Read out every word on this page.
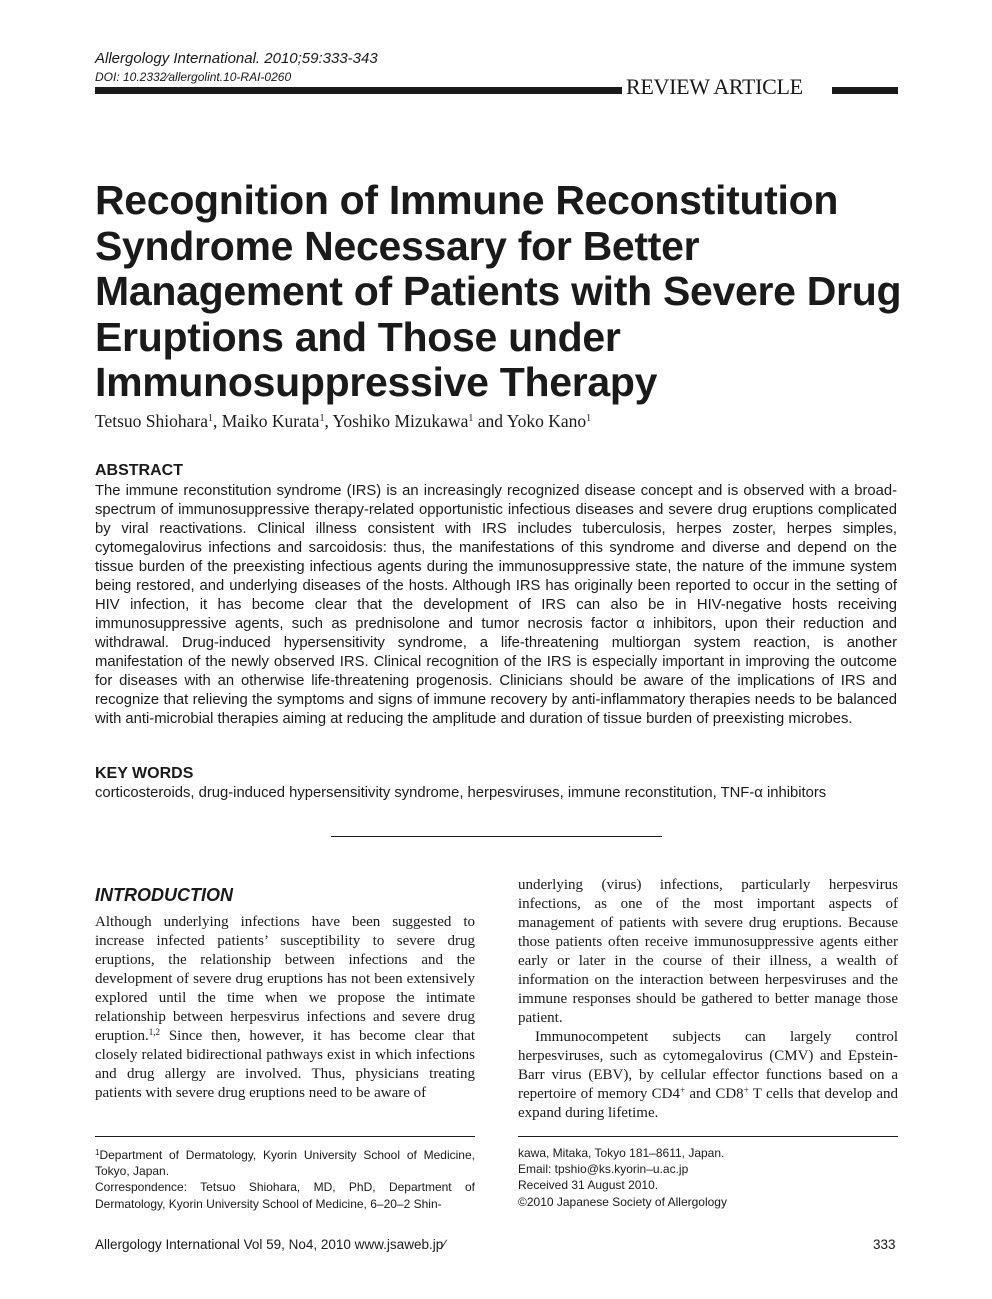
Allergology International. 2010;59:333-343
DOI: 10.2332∕allergolint.10-RAI-0260	REVIEW ARTICLE
Recognition of Immune Reconstitution Syndrome Necessary for Better Management of Patients with Severe Drug Eruptions and Those under Immunosuppressive Therapy
Tetsuo Shiohara$^1$, Maiko Kurata$^1$, Yoshiko Mizukawa$^1$ and Yoko Kano$^1$
ABSTRACT

The immune reconstitution syndrome (IRS) is an increasingly recognized disease concept and is observed with a broad-spectrum of immunosuppressive therapy-related opportunistic infectious diseases and severe drug eruptions complicated by viral reactivations. Clinical illness consistent with IRS includes tuberculosis, herpes zoster, herpes simples, cytomegalovirus infections and sarcoidosis: thus, the manifestations of this syndrome and diverse and depend on the tissue burden of the preexisting infectious agents during the immunosuppressive state, the nature of the immune system being restored, and underlying diseases of the hosts. Although IRS has originally been reported to occur in the setting of HIV infection, it has become clear that the development of IRS can also be in HIV-negative hosts receiving immunosuppressive agents, such as prednisolone and tumor necrosis factor α inhibitors, upon their reduction and withdrawal. Drug-induced hypersensitivity syndrome, a life-threatening multiorgan system reaction, is another manifestation of the newly observed IRS. Clinical recognition of the IRS is especially important in improving the outcome for diseases with an otherwise life-threatening progenosis. Clinicians should be aware of the implications of IRS and recognize that relieving the symptoms and signs of immune recovery by anti-inflammatory therapies needs to be balanced with anti-microbial therapies aiming at reducing the amplitude and duration of tissue burden of preexisting microbes.

KEY WORDS

corticosteroids, drug-induced hypersensitivity syndrome, herpesviruses, immune reconstitution, TNF-α inhibitors

INTRODUCTION

Although underlying infections have been suggested to increase infected patients’ susceptibility to severe drug eruptions, the relationship between infections and the development of severe drug eruptions has not been extensively explored until the time when we propose the intimate relationship between herpesvirus infections and severe drug eruption.$^{1,2}$ Since then, however, it has become clear that closely related bidirectional pathways exist in which infections and drug allergy are involved. Thus, physicians treating patients with severe drug eruptions need to be aware of

underlying (virus) infections, particularly herpesvirus infections, as one of the most important aspects of management of patients with severe drug eruptions. Because those patients often receive immunosuppressive agents either early or later in the course of their illness, a wealth of information on the interaction between herpesviruses and the immune responses should be gathered to better manage those patient.

Immunocompetent subjects can largely control herpesviruses, such as cytomegalovirus (CMV) and Epstein-Barr virus (EBV), by cellular effector functions based on a repertoire of memory CD4+ and CD8+ T cells that develop and expand during lifetime.

$^1$Department of Dermatology, Kyorin University School of Medicine, Tokyo, Japan.

Correspondence: Tetsuo Shiohara, MD, PhD, Department of Dermatology, Kyorin University School of Medicine, 6–20–2 Shin-

kawa, Mitaka, Tokyo 181–8611, Japan.
Email: tpshio@ks.kyorin–u.ac.jp
Received 31 August 2010.
©2010 Japanese Society of Allergology
Allergology International Vol 59, No4, 2010 www.jsaweb.jp∕	333
